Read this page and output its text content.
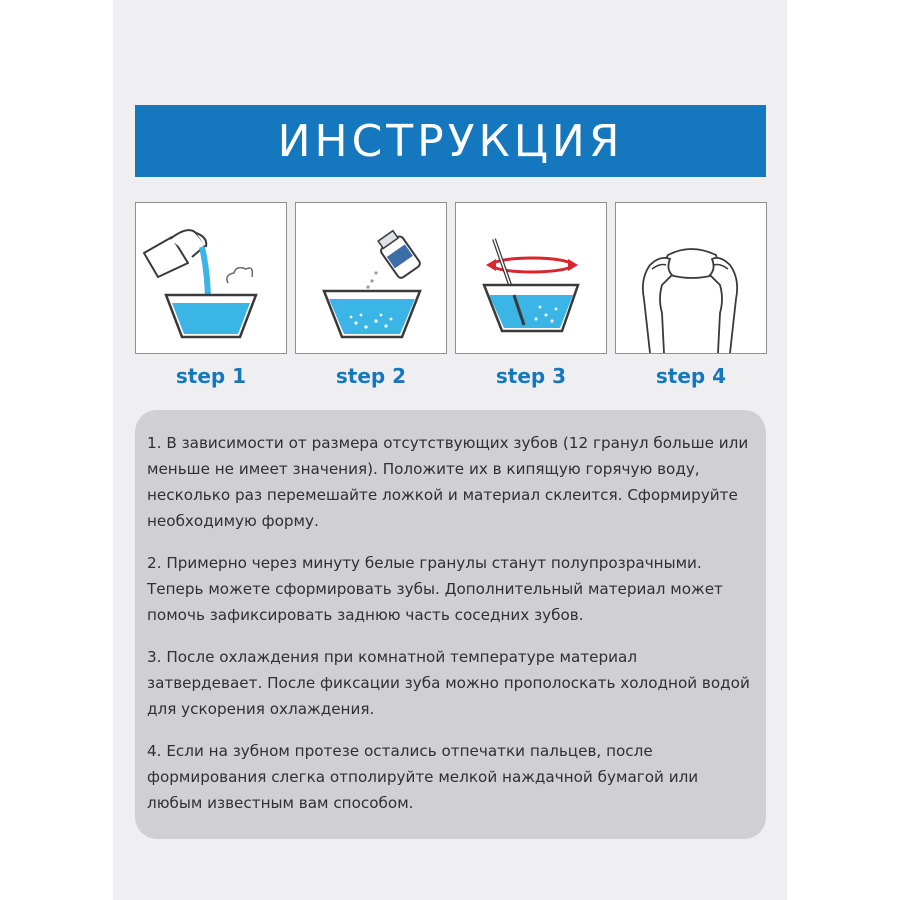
ИНСТРУКЦИЯ
step 1	step 2	step 3	step 4

1. В зависимости от размера отсутствующих зубов (12 гранул больше или меньше не имеет значения). Положите их в кипящую горячую воду, несколько раз перемешайте ложкой и материал склеится. Сформируйте необходимую форму.

2. Примерно через минуту белые гранулы станут полупрозрачными. Теперь можете сформировать зубы. Дополнительный материал может помочь зафиксировать заднюю часть соседних зубов.

3. После охлаждения при комнатной температуре материал затвердевает. После фиксации зуба можно прополоскать холодной водой для ускорения охлаждения.

4. Если на зубном протезе остались отпечатки пальцев, после формирования слегка отполируйте мелкой наждачной бумагой или любым известным вам способом.
